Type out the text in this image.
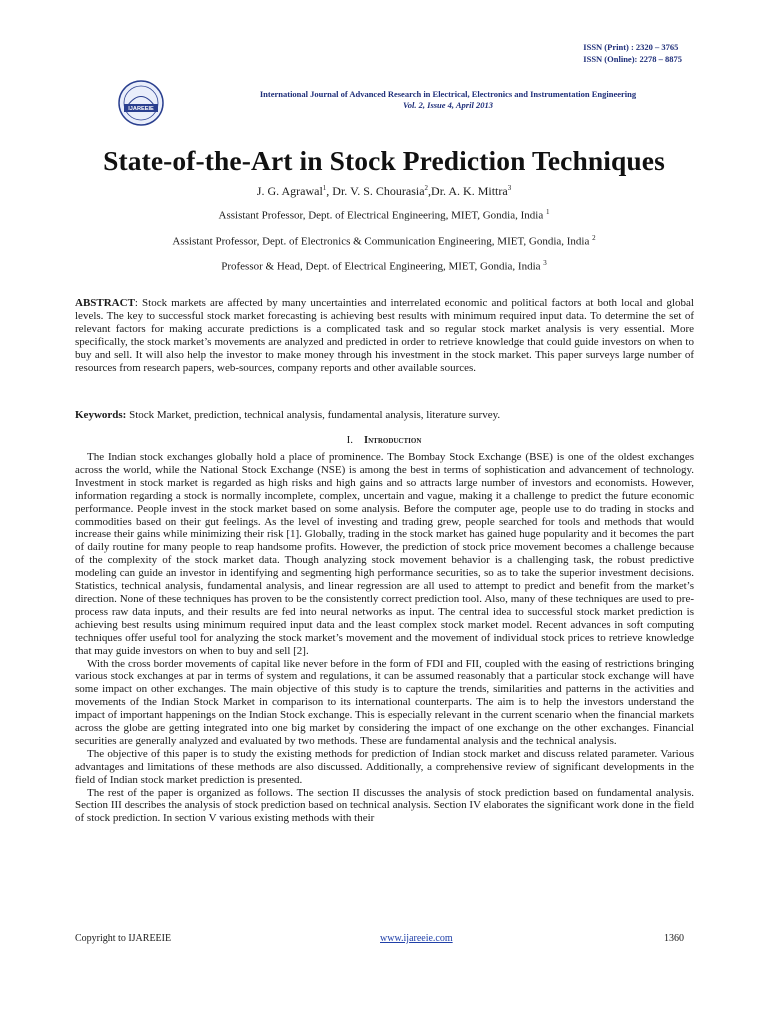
ISSN (Print) : 2320 – 3765
ISSN (Online): 2278 – 8875
IJAREEIE
International Journal of Advanced Research in Electrical, Electronics and Instrumentation Engineering
Vol. 2, Issue 4, April 2013
State-of-the-Art in Stock Prediction Techniques
J. G. Agrawal$^1$, Dr. V. S. Chourasia$^2$,Dr. A. K. Mittra$^3$
Assistant Professor, Dept. of Electrical Engineering, MIET, Gondia, India $^1$
Assistant Professor, Dept. of Electronics & Communication Engineering, MIET, Gondia, India $^2$
Professor & Head, Dept. of Electrical Engineering, MIET, Gondia, India $^3$

ABSTRACT: Stock markets are affected by many uncertainties and interrelated economic and political factors at both local and global levels. The key to successful stock market forecasting is achieving best results with minimum required input data. To determine the set of relevant factors for making accurate predictions is a complicated task and so regular stock market analysis is very essential. More specifically, the stock market’s movements are analyzed and predicted in order to retrieve knowledge that could guide investors on when to buy and sell. It will also help the investor to make money through his investment in the stock market. This paper surveys large number of resources from research papers, web-sources, company reports and other available sources.

Keywords: Stock Market, prediction, technical analysis, fundamental analysis, literature survey.

I. Introduction

The Indian stock exchanges globally hold a place of prominence. The Bombay Stock Exchange (BSE) is one of the oldest exchanges across the world, while the National Stock Exchange (NSE) is among the best in terms of sophistication and advancement of technology. Investment in stock market is regarded as high risks and high gains and so attracts large number of investors and economists. However, information regarding a stock is normally incomplete, complex, uncertain and vague, making it a challenge to predict the future economic performance. People invest in the stock market based on some analysis. Before the computer age, people use to do trading in stocks and commodities based on their gut feelings. As the level of investing and trading grew, people searched for tools and methods that would increase their gains while minimizing their risk [1]. Globally, trading in the stock market has gained huge popularity and it becomes the part of daily routine for many people to reap handsome profits. However, the prediction of stock price movement becomes a challenge because of the complexity of the stock market data. Though analyzing stock movement behavior is a challenging task, the robust predictive modeling can guide an investor in identifying and segmenting high performance securities, so as to take the superior investment decisions. Statistics, technical analysis, fundamental analysis, and linear regression are all used to attempt to predict and benefit from the market’s direction. None of these techniques has proven to be the consistently correct prediction tool. Also, many of these techniques are used to pre-process raw data inputs, and their results are fed into neural networks as input. The central idea to successful stock market prediction is achieving best results using minimum required input data and the least complex stock market model. Recent advances in soft computing techniques offer useful tool for analyzing the stock market’s movement and the movement of individual stock prices to retrieve knowledge that may guide investors on when to buy and sell [2].

With the cross border movements of capital like never before in the form of FDI and FII, coupled with the easing of restrictions bringing various stock exchanges at par in terms of system and regulations, it can be assumed reasonably that a particular stock exchange will have some impact on other exchanges. The main objective of this study is to capture the trends, similarities and patterns in the activities and movements of the Indian Stock Market in comparison to its international counterparts. The aim is to help the investors understand the impact of important happenings on the Indian Stock exchange. This is especially relevant in the current scenario when the financial markets across the globe are getting integrated into one big market by considering the impact of one exchange on the other exchanges. Financial securities are generally analyzed and evaluated by two methods. These are fundamental analysis and the technical analysis.

The objective of this paper is to study the existing methods for prediction of Indian stock market and discuss related parameter. Various advantages and limitations of these methods are also discussed. Additionally, a comprehensive review of significant developments in the field of Indian stock market prediction is presented.

The rest of the paper is organized as follows. The section II discusses the analysis of stock prediction based on fundamental analysis. Section III describes the analysis of stock prediction based on technical analysis. Section IV elaborates the significant work done in the field of stock prediction. In section V various existing methods with their

Copyright to IJAREEIE	www.ijareeie.com	1360
